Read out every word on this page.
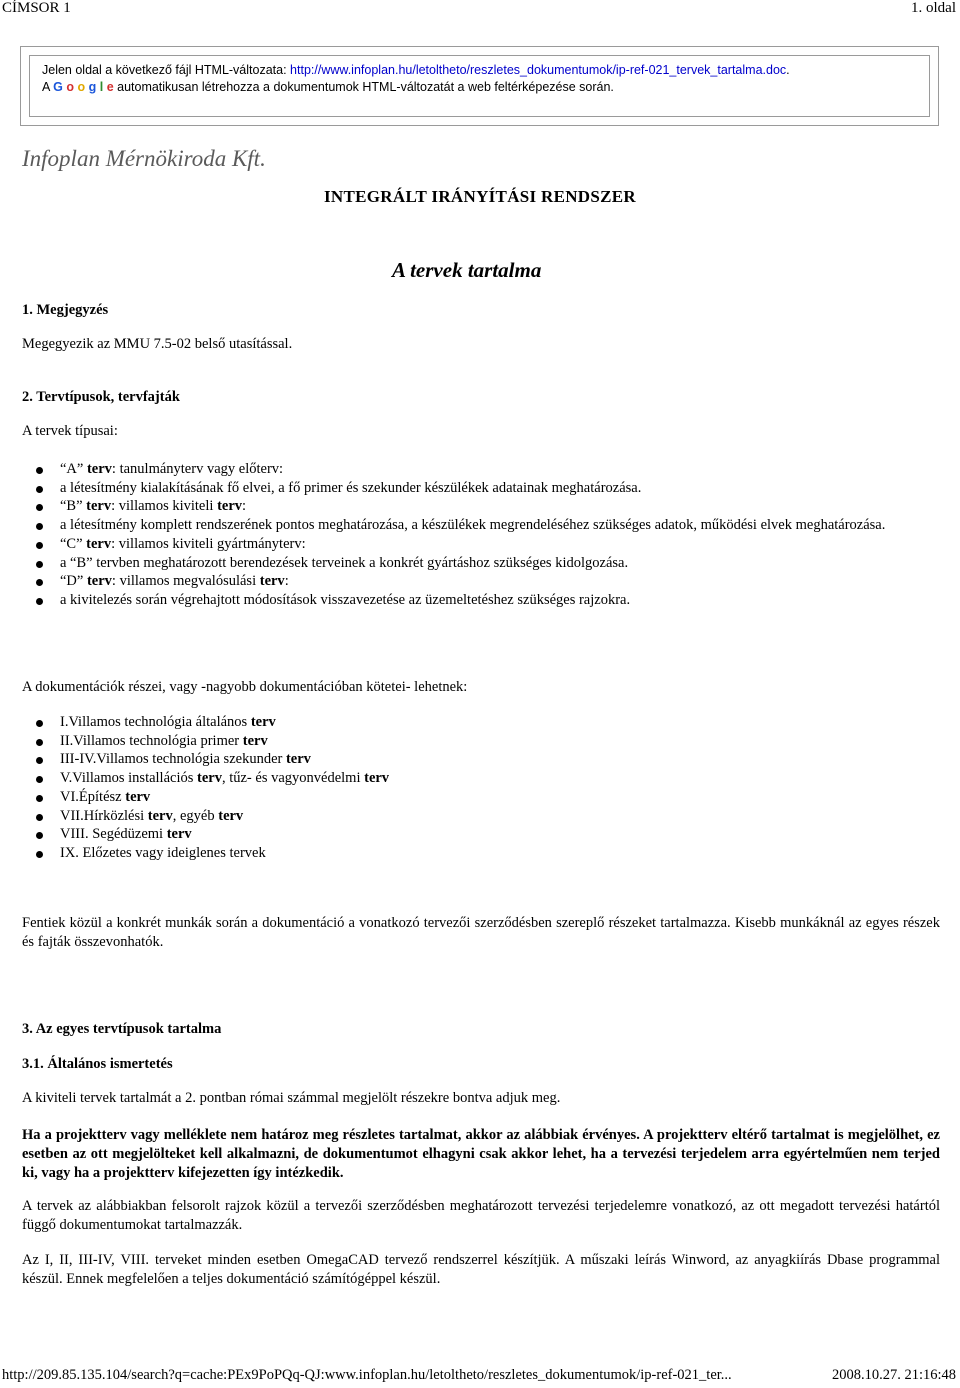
CÍMSOR 1	1. oldal
Jelen oldal a következő fájl HTML-változata: http://www.infoplan.hu/letoltheto/reszletes_dokumentumok/ip-ref-021_tervek_tartalma.doc.
A G o o g l e automatikusan létrehozza a dokumentumok HTML-változatát a web feltérképezése során.
Infoplan Mérnökiroda Kft.
INTEGRÁLT IRÁNYÍTÁSI RENDSZER
A tervek tartalma
1. Megjegyzés
Megegyezik az MMU 7.5-02 belső utasítással.
2. Tervtípusok, tervfajták
A tervek típusai:
“A” terv: tanulmányterv vagy előterv:
a létesítmény kialakításának fő elvei, a fő primer és szekunder készülékek adatainak meghatározása.
“B” terv: villamos kiviteli terv:
a létesítmény komplett rendszerének pontos meghatározása, a készülékek megrendeléséhez szükséges adatok, működési elvek meghatározása.
“C” terv: villamos kiviteli gyártmányterv:
a “B” tervben meghatározott berendezések terveinek a konkrét gyártáshoz szükséges kidolgozása.
“D” terv: villamos megvalósulási terv:
a kivitelezés során végrehajtott módosítások visszavezetése az üzemeltetéshez szükséges rajzokra.
A dokumentációk részei, vagy -nagyobb dokumentációban kötetei- lehetnek:
I.Villamos technológia általános terv
II.Villamos technológia primer terv
III-IV.Villamos technológia szekunder terv
V.Villamos installációs terv, tűz- és vagyonvédelmi terv
VI.Építész terv
VII.Hírközlési terv, egyéb terv
VIII. Segédüzemi terv
IX. Előzetes vagy ideiglenes tervek

Fentiek közül a konkrét munkák során a dokumentáció a vonatkozó tervezői szerződésben szereplő részeket tartalmazza. Kisebb munkáknál az egyes részek és fajták összevonhatók.

3. Az egyes tervtípusok tartalma
3.1. Általános ismertetés

A kiviteli tervek tartalmát a 2. pontban római számmal megjelölt részekre bontva adjuk meg.

Ha a projektterv vagy melléklete nem határoz meg részletes tartalmat, akkor az alábbiak érvényes. A projektterv eltérő tartalmat is megjelölhet, ez esetben az ott megjelölteket kell alkalmazni, de dokumentumot elhagyni csak akkor lehet, ha a tervezési terjedelem arra egyértelműen nem terjed ki, vagy ha a projektterv kifejezetten így intézkedik.

A tervek az alábbiakban felsorolt rajzok közül a tervezői szerződésben meghatározott tervezési terjedelemre vonatkozó, az ott megadott tervezési határtól függő dokumentumokat tartalmazzák.

Az I, II, III-IV, VIII. terveket minden esetben OmegaCAD tervező rendszerrel készítjük. A műszaki leírás Winword, az anyagkiírás Dbase programmal készül. Ennek megfelelően a teljes dokumentáció számítógéppel készül.

http://209.85.135.104/search?q=cache:PEx9PoPQq-QJ:www.infoplan.hu/letoltheto/reszletes_dokumentumok/ip-ref-021_ter...	2008.10.27. 21:16:48
